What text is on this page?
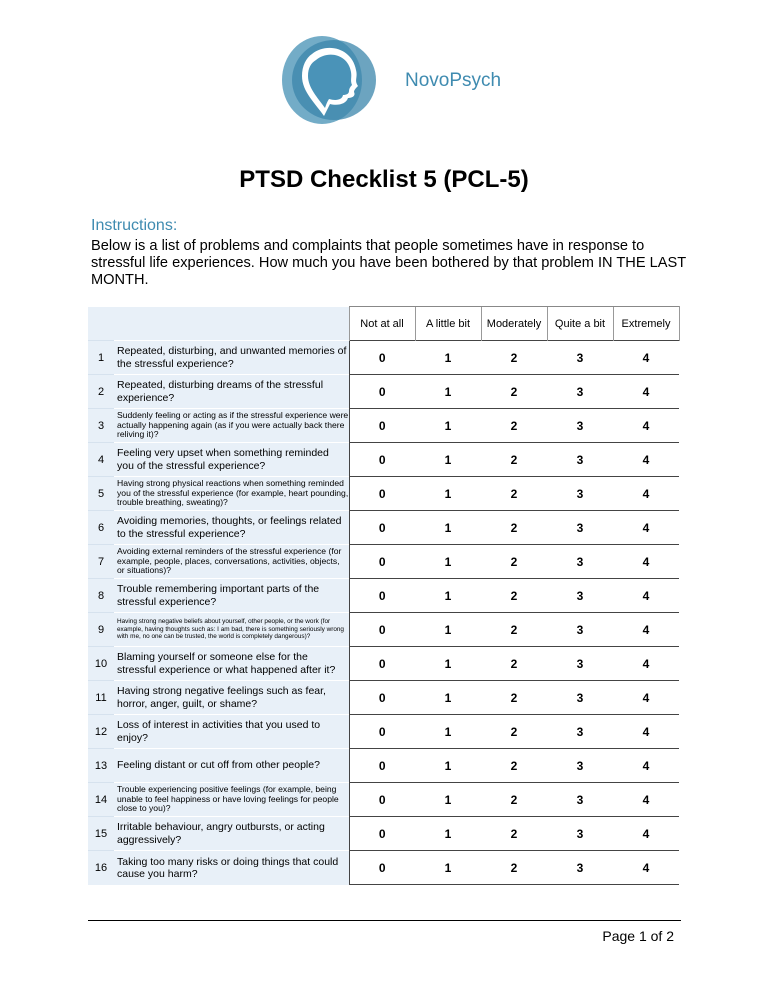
NovoPsych
PTSD Checklist 5 (PCL-5)
Instructions:
Below is a list of problems and complaints that people sometimes have in response to stressful life experiences. How much you have been bothered by that problem IN THE LAST MONTH.
		Not at all	A little bit	Moderately	Quite a bit	Extremely
1	Repeated, disturbing, and unwanted memories of the stressful experience?	0	1	2	3	4
2	Repeated, disturbing dreams of the stressful experience?	0	1	2	3	4
3	Suddenly feeling or acting as if the stressful experience were actually happening again (as if you were actually back there reliving it)?	0	1	2	3	4
4	Feeling very upset when something reminded you of the stressful experience?	0	1	2	3	4
5	Having strong physical reactions when something reminded you of the stressful experience (for example, heart pounding, trouble breathing, sweating)?	0	1	2	3	4
6	Avoiding memories, thoughts, or feelings related to the stressful experience?	0	1	2	3	4
7	Avoiding external reminders of the stressful experience (for example, people, places, conversations, activities, objects, or situations)?	0	1	2	3	4
8	Trouble remembering important parts of the stressful experience?	0	1	2	3	4
9	Having strong negative beliefs about yourself, other people, or the work (for example, having thoughts such as: I am bad, there is something seriously wrong with me, no one can be trusted, the world is completely dangerous)?	0	1	2	3	4
10	Blaming yourself or someone else for the stressful experience or what happened after it?	0	1	2	3	4
11	Having strong negative feelings such as fear, horror, anger, guilt, or shame?	0	1	2	3	4
12	Loss of interest in activities that you used to enjoy?	0	1	2	3	4
13	Feeling distant or cut off from other people?	0	1	2	3	4
14	Trouble experiencing positive feelings (for example, being unable to feel happiness or have loving feelings for people close to you)?	0	1	2	3	4
15	Irritable behaviour, angry outbursts, or acting aggressively?	0	1	2	3	4
16	Taking too many risks or doing things that could cause you harm?	0	1	2	3	4
Page 1 of 2
